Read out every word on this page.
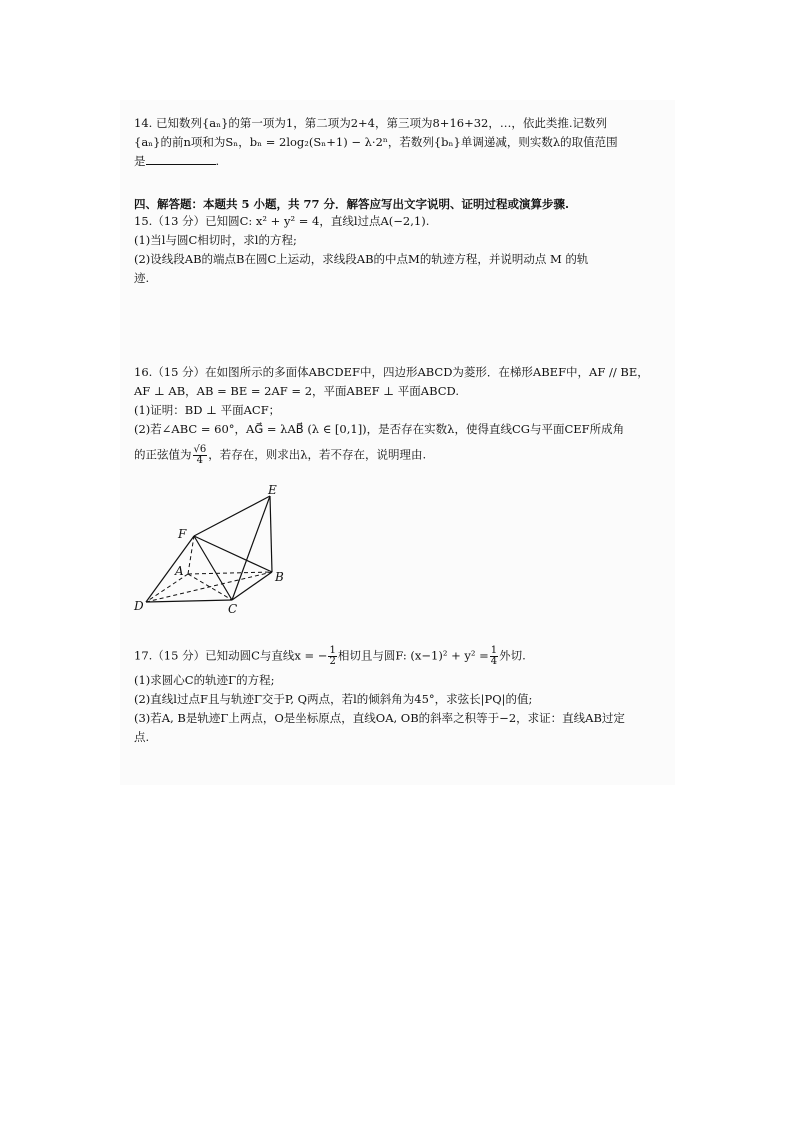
14. 已知数列{aₙ}的第一项为1，第二项为2+4，第三项为8+16+32，…，依此类推.记数列
{aₙ}的前n项和为Sₙ，bₙ = 2log₂(Sₙ+1) − λ·2ⁿ，若数列{bₙ}单调递减，则实数λ的取值范围
是	.
四、解答题：本题共 5 小题，共 77 分．解答应写出文字说明、证明过程或演算步骤.
15.（13 分）已知圆C: x² + y² = 4，直线l过点A(−2,1).
(1)当l与圆C相切时，求l的方程;
(2)设线段AB的端点B在圆C上运动，求线段AB的中点M的轨迹方程，并说明动点 M 的轨
迹.
16.（15 分）在如图所示的多面体ABCDEF中，四边形ABCD为菱形．在梯形ABEF中，AF // BE，
AF ⊥ AB，AB = BE = 2AF = 2，平面ABEF ⊥ 平面ABCD.
(1)证明：BD ⊥ 平面ACF；
(2)若∠ABC = 60°，AG⃗ = λAB⃗ (λ ∈ [0,1])，是否存在实数λ，使得直线CG与平面CEF所成角
的正弦值为 $\frac{√6}{4}$ ，若存在，则求出λ，若不存在，说明理由.
E
F
A	B
C
D
17.（15 分）已知动圆C与直线x = − $\frac{1}{2}$ 相切且与圆F: $(x-1)^2 + y^2 = \frac{1}{4}$ 外切.
(1)求圆心C的轨迹Γ的方程;
(2)直线l过点F且与轨迹Γ交于P, Q两点，若l的倾斜角为45°，求弦长|PQ|的值;
(3)若A, B是轨迹Γ上两点，O是坐标原点，直线OA, OB的斜率之积等于−2，求证：直线AB过定
点.
